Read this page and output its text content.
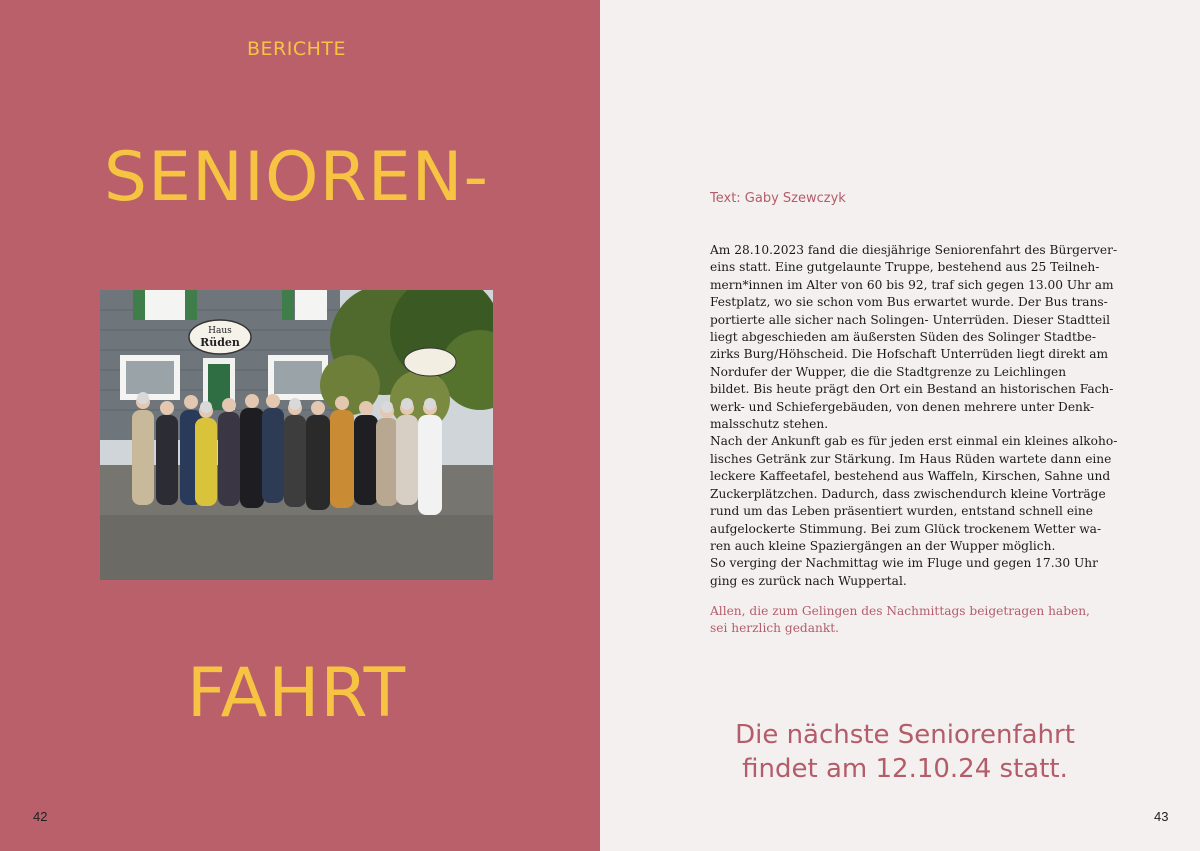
BERICHTE
SENIOREN-
Haus
Rüden
FAHRT
42
Text: Gaby Szewczyk
Am 28.10.2023 fand die diesjährige Seniorenfahrt des Bürgerver-
eins statt. Eine gutgelaunte Truppe, bestehend aus 25 Teilneh-
mern*innen im Alter von 60 bis 92, traf sich gegen 13.00 Uhr am
Festplatz, wo sie schon vom Bus erwartet wurde. Der Bus trans-
portierte alle sicher nach Solingen- Unterrüden. Dieser Stadtteil
liegt abgeschieden am äußersten Süden des Solinger Stadtbe-
zirks Burg/Höhscheid. Die Hofschaft Unterrüden liegt direkt am
Nordufer der Wupper, die die Stadtgrenze zu Leichlingen
bildet. Bis heute prägt den Ort ein Bestand an historischen Fach-
werk- und Schiefergebäuden, von denen mehrere unter Denk-
malsschutz stehen.
Nach der Ankunft gab es für jeden erst einmal ein kleines alkoho-
lisches Getränk zur Stärkung. Im Haus Rüden wartete dann eine
leckere Kaffeetafel, bestehend aus Waffeln, Kirschen, Sahne und
Zuckerplätzchen. Dadurch, dass zwischendurch kleine Vorträge
rund um das Leben präsentiert wurden, entstand schnell eine
aufgelockerte Stimmung. Bei zum Glück trockenem Wetter wa-
ren auch kleine Spaziergängen an der Wupper möglich.
So verging der Nachmittag wie im Fluge und gegen 17.30 Uhr
ging es zurück nach Wuppertal.
Allen, die zum Gelingen des Nachmittags beigetragen haben,
sei herzlich gedankt.
Die nächste Seniorenfahrt
findet am 12.10.24 statt.
43
